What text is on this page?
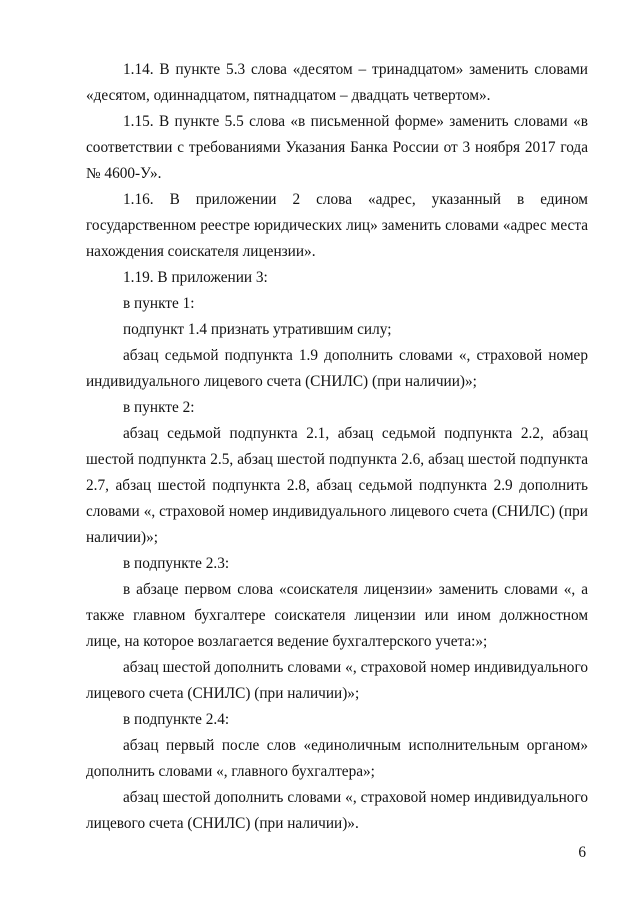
1.14. В пункте 5.3 слова «десятом – тринадцатом» заменить словами «десятом, одиннадцатом, пятнадцатом – двадцать четвертом».

1.15. В пункте 5.5 слова «в письменной форме» заменить словами «в соответствии с требованиями Указания Банка России от 3 ноября 2017 года № 4600-У».

1.16. В приложении 2 слова «адрес, указанный в едином государственном реестре юридических лиц» заменить словами «адрес места нахождения соискателя лицензии».

1.19. В приложении 3:

в пункте 1:

подпункт 1.4 признать утратившим силу;

абзац седьмой подпункта 1.9 дополнить словами «, страховой номер индивидуального лицевого счета (СНИЛС) (при наличии)»;

в пункте 2:

абзац седьмой подпункта 2.1, абзац седьмой подпункта 2.2, абзац шестой подпункта 2.5, абзац шестой подпункта 2.6, абзац шестой подпункта 2.7, абзац шестой подпункта 2.8, абзац седьмой подпункта 2.9 дополнить словами «, страховой номер индивидуального лицевого счета (СНИЛС) (при наличии)»;

в подпункте 2.3:

в абзаце первом слова «соискателя лицензии» заменить словами «, а также главном бухгалтере соискателя лицензии или ином должностном лице, на которое возлагается ведение бухгалтерского учета:»;

абзац шестой дополнить словами «, страховой номер индивидуального лицевого счета (СНИЛС) (при наличии)»;

в подпункте 2.4:

абзац первый после слов «единоличным исполнительным органом» дополнить словами «, главного бухгалтера»;

абзац шестой дополнить словами «, страховой номер индивидуального лицевого счета (СНИЛС) (при наличии)».

6
